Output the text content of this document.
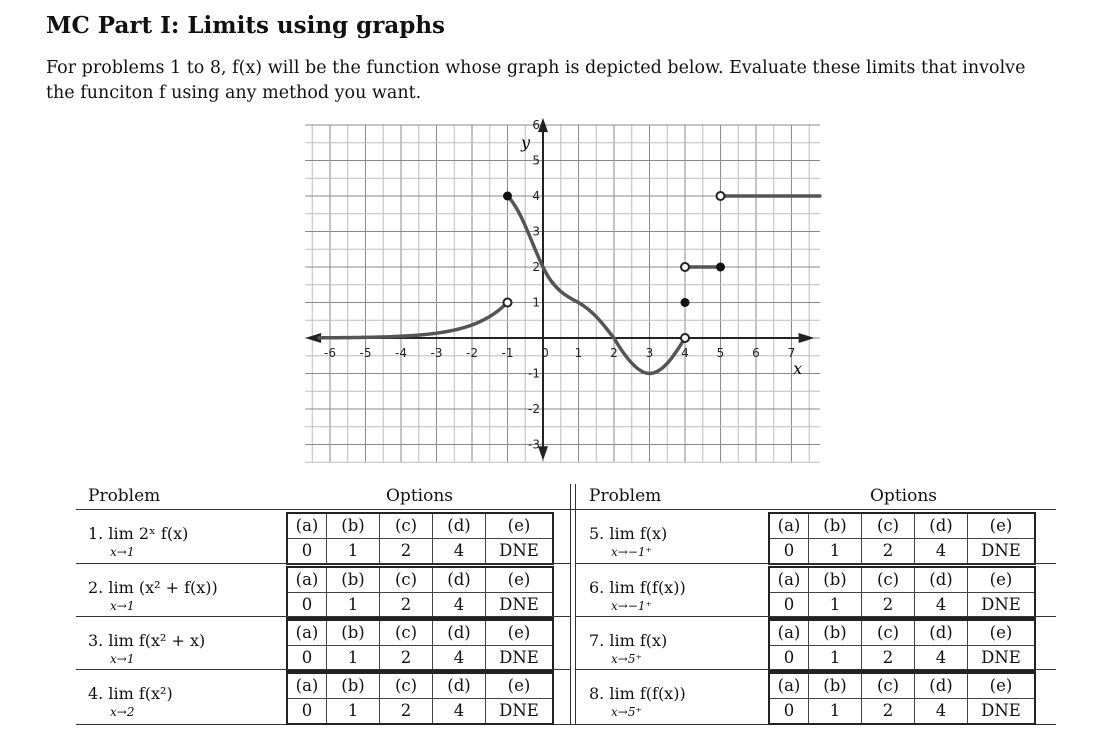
MC Part I: Limits using graphs
For problems 1 to 8, f(x) will be the function whose graph is depicted below. Evaluate these limits that involve
the funciton f using any method you want.
-6 -5 -4 -3 -2 -1 0 1 2 3 4 5 6 7
6
5
4
3
2
1
-1
-2
-3
y
x
Problem	Options	Problem	Options
1. lim 2ˣ f(x)
x→1
(a)	(b)	(c)	(d)	(e)
0	1	2	4	DNE
2. lim (x² + f(x))
x→1
(a)	(b)	(c)	(d)	(e)
0	1	2	4	DNE
3. lim f(x² + x)
x→1
(a)	(b)	(c)	(d)	(e)
0	1	2	4	DNE
4. lim f(x²)
x→2
(a)	(b)	(c)	(d)	(e)
0	1	2	4	DNE
5. lim f(x)
x→−1⁺
(a)	(b)	(c)	(d)	(e)
0	1	2	4	DNE
6. lim f(f(x))
x→−1⁺
(a)	(b)	(c)	(d)	(e)
0	1	2	4	DNE
7. lim f(x)
x→5⁺
(a)	(b)	(c)	(d)	(e)
0	1	2	4	DNE
8. lim f(f(x))
x→5⁺
(a)	(b)	(c)	(d)	(e)
0	1	2	4	DNE
